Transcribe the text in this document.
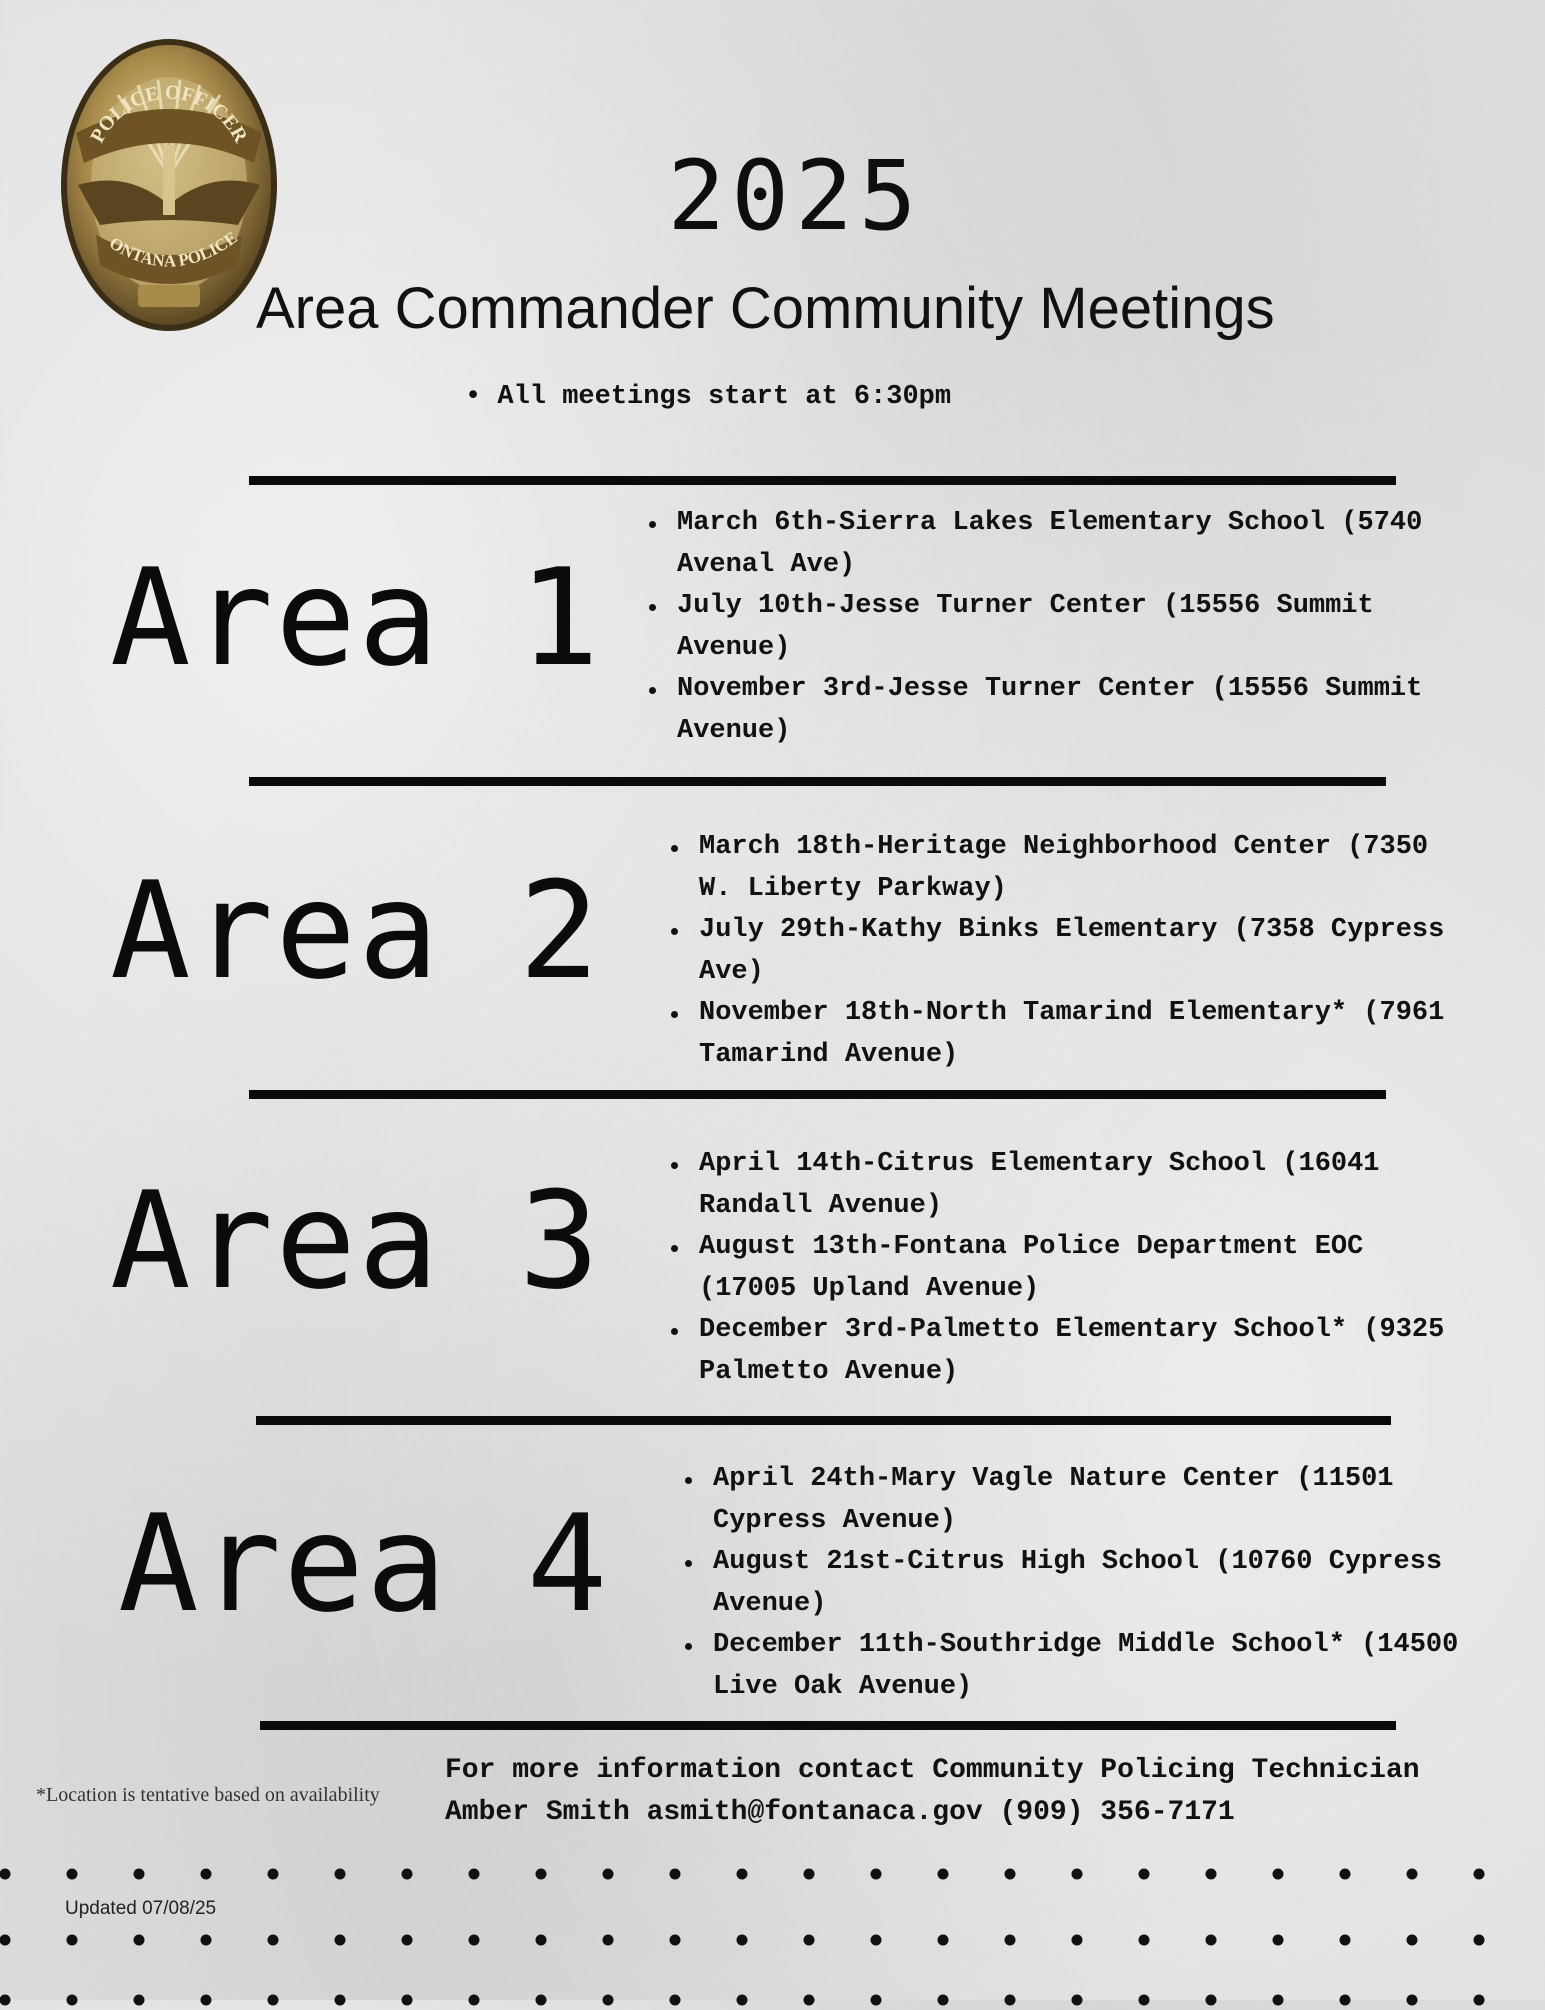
POLICE OFFICER
ONTANA POLICE	2025
Area Commander Community Meetings
• All meetings start at 6:30pm
Area 1
March 6th-Sierra Lakes Elementary School (5740 Avenal Ave)
July 10th-Jesse Turner Center (15556 Summit Avenue)
November 3rd-Jesse Turner Center (15556 Summit Avenue)
Area 2
March 18th-Heritage Neighborhood Center (7350 W. Liberty Parkway)
July 29th-Kathy Binks Elementary (7358 Cypress Ave)
November 18th-North Tamarind Elementary* (7961 Tamarind Avenue)
Area 3	April 14th-Citrus Elementary School (16041 Randall Avenue)
August 13th-Fontana Police Department EOC (17005 Upland Avenue)
December 3rd-Palmetto Elementary School* (9325 Palmetto Avenue)
Area 4
April 24th-Mary Vagle Nature Center (11501 Cypress Avenue)
August 21st-Citrus High School (10760 Cypress Avenue)
December 11th-Southridge Middle School* (14500 Live Oak Avenue)
*Location is tentative based on availability
For more information contact Community Policing Technician
Amber Smith asmith@fontanaca.gov (909) 356-7171
Updated 07/08/25
